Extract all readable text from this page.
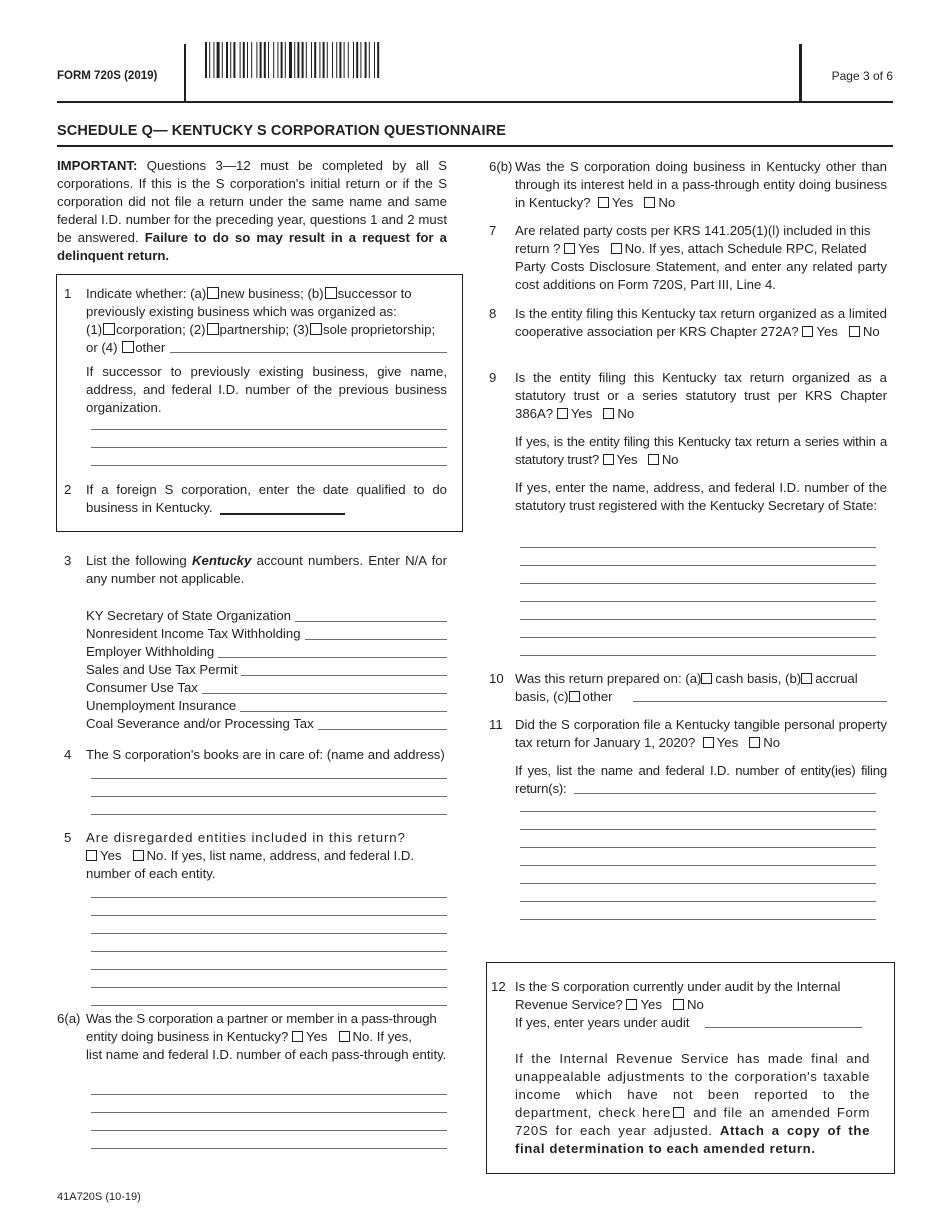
FORM 720S (2019)	Page 3 of 6
SCHEDULE Q— KENTUCKY S CORPORATION QUESTIONNAIRE

IMPORTANT: Questions 3—12 must be completed by all S corporations. If this is the S corporation's initial return or if the S corporation did not file a return under the same name and same federal I.D. number for the preceding year, questions 1 and 2 must be answered. Failure to do so may result in a request for a delinquent return.

1 Indicate whether: (a) new business; (b) successor to
previously existing business which was organized as:
(1) corporation; (2) partnership; (3) sole proprietorship;
or (4) other

If successor to previously existing business, give name, address, and federal I.D. number of the previous business organization.

2 If a foreign S corporation, enter the date qualified to do business in Kentucky.

3 List the following Kentucky account numbers. Enter N/A for any number not applicable.

KY Secretary of State Organization
Nonresident Income Tax Withholding
Employer Withholding
Sales and Use Tax Permit
Consumer Use Tax
Unemployment Insurance
Coal Severance and/or Processing Tax
4 The S corporation's books are in care of: (name and address)
5 Are disregarded entities included in this return?
Yes No. If yes, list name, address, and federal I.D.
number of each entity.
6(a) Was the S corporation a partner or member in a pass-through
entity doing business in Kentucky? Yes No. If yes,

list name and federal I.D. number of each pass-through entity.

6(b) Was the S corporation doing business in Kentucky other than through its interest held in a pass-through entity doing business in Kentucky? Yes No

7 Are related party costs per KRS 141.205(1)(l) included in this
return ? Yes No. If yes, attach Schedule RPC, Related

Party Costs Disclosure Statement, and enter any related party cost additions on Form 720S, Part III, Line 4.

8 Is the entity filing this Kentucky tax return organized as a limited cooperative association per KRS Chapter 272A? Yes No

9 Is the entity filing this Kentucky tax return organized as a statutory trust or a series statutory trust per KRS Chapter 386A? Yes No

If yes, is the entity filing this Kentucky tax return a series within a statutory trust? Yes No

If yes, enter the name, address, and federal I.D. number of the statutory trust registered with the Kentucky Secretary of State:

10 Was this return prepared on: (a) cash basis, (b) accrual
basis, (c) other
11 Did the S corporation file a Kentucky tangible personal property tax return for January 1, 2020? Yes No

If yes, list the name and federal I.D. number of entity(ies) filing return(s):

12 Is the S corporation currently under audit by the Internal
Revenue Service? Yes No
If yes, enter years under audit

If the Internal Revenue Service has made final and unappealable adjustments to the corporation's taxable income which have not been reported to the department, check here and file an amended Form 720S for each year adjusted. Attach a copy of the final determination to each amended return.

41A720S (10-19)
